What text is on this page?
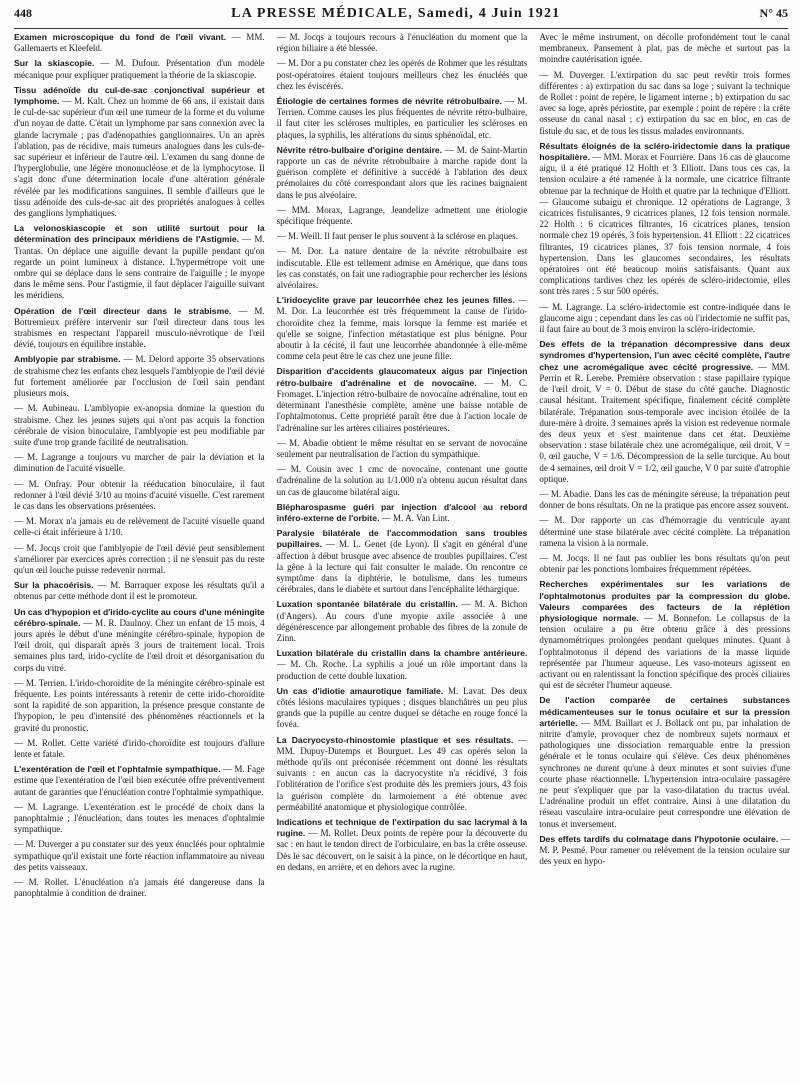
448	LA PRESSE MÉDICALE, Samedi, 4 Juin 1921	N° 45

Examen microscopique du fond de l'œil vivant. — MM. Gallemaerts et Kleefeld.

Sur la skiascopie. — M. Dufour. Présentation d'un modèle mécanique pour expliquer pratiquement la théorie de la skiascopie.

Tissu adénoïde du cul-de-sac conjonctival supérieur et lymphome. — M. Kalt. Chez un homme de 66 ans, il existait dans le cul-de-sac supérieur d'un œil une tumeur de la forme et du volume d'un noyau de datte. C'était un lymphome par sans connexion avec la glande lacrymale ; pas d'adénopathies ganglionnaires. Un an après l'ablation, pas de récidive, mais tumeurs analogues dans les culs-de-sac supérieur et inférieur de l'autre œil. L'examen du sang donne de l'hyperglobulie, une légère mononucléose et de la lymphocytose. Il s'agit donc d'une détermination locale d'une altération générale révélée par les modifications sanguines. Il semble d'ailleurs que le tissu adénoïde des culs-de-sac ait des propriétés analogues à celles des ganglions lymphatiques.

La velonoskiascopie et son utilité surtout pour la détermination des principaux méridiens de l'Astigmie. — M. Trantas. On déplace une aiguille devant la pupille pendant qu'on regarde un point lumineux à distance. L'hypermétrope voit une ombre qui se déplace dans le sens contraire de l'aiguille ; le myope dans le même sens. Pour l'astigmie, il faut déplacer l'aiguille suivant les méridiens.

Opération de l'œil directeur dans le strabisme. — M. Bottremieux préfère intervenir sur l'œil directeur dans tous les strabismes en respectant l'appareil musculo-névrotique de l'œil dévié, toujours en équilibre instable.

Amblyopie par strabisme. — M. Delord apporte 35 observations de strabisme chez les enfants chez lesquels l'amblyopie de l'œil dévié fut fortement améliorée par l'occlusion de l'œil sain pendant plusieurs mois.

— M. Aubineau. L'amblyopie ex-anopsia domine la question du strabisme. Chez les jeunes sujets qui n'ont pas acquis la fonction cérébrale de vision binoculaire, l'amblyopie est peu modifiable par suite d'une trop grande facilité de neutralisation.

— M. Lagrange a toujours vu marcher de pair la déviation et la diminution de l'acuité visuelle.

— M. Onfray. Pour obtenir la rééducation binoculaire, il faut redonner à l'œil dévié 3/10 au moins d'acuité visuelle. C'est rarement le cas dans les observations présentées.

— M. Morax n'a jamais eu de relèvement de l'acuité visuelle quand celle-ci était inférieure à 1/10.

— M. Jocqs croit que l'amblyopie de l'œil dévié peut sensiblement s'améliorer par exercices après correction ; il ne s'ensuit pas du reste qu'un œil louche puisse redevenir normal.

Sur la phacoérisis. — M. Barraquer expose les résultats qu'il a obtenus par cette méthode dont il est le promoteur.

Un cas d'hypopion et d'irido-cyclite au cours d'une méningite cérébro-spinale. — M. R. Daulnoy. Chez un enfant de 15 mois, 4 jours après le début d'une méningite cérébro-spinale, hypopion de l'œil droit, qui disparaît après 3 jours de traitement local. Trois semaines plus tard, irido-cyclite de l'œil droit et désorganisation du corps du vitré.

— M. Terrien. L'irido-choroïdite de la méningite cérébro-spinale est fréquente. Les points intéressants à retenir de cette irido-choroïdite sont la rapidité de son apparition, la présence presque constante de l'hypopion, le peu d'intensité des phénomènes réactionnels et la gravité du pronostic.

— M. Rollet. Cette variété d'irido-choroïdite est toujours d'allure lente et fatale.

L'exentération de l'œil et l'ophtalmie sympathique. — M. Fage estime que l'exentération de l'œil bien exécutée offre préventivement autant de garanties que l'énucléation contre l'ophtalmie sympathique.

— M. Lagrange. L'exentération est le procédé de choix dans la panophtalmie ; l'énucléation, dans toutes les menaces d'ophtalmie sympathique.

— M. Duverger a pu constater sur des yeux énucléés pour ophtalmie sympathique qu'il existait une forte réaction inflammatoire au niveau des petits vaisseaux.

— M. Rollet. L'énucléation n'a jamais été dangereuse dans la panophtalmie à condition de drainer.

— M. Jocqs a toujours recours à l'énucléation du moment que la région biliaire a été blessée.

— M. Dor a pu constater chez les opérés de Rohmer que les résultats post-opératoires étaient toujours meilleurs chez les énucléés que chez les éviscérés.

Étiologie de certaines formes de névrite rétrobulbaire. — M. Terrien. Comme causes les plus fréquentes de névrite rétro-bulbaire, il faut citer les scléroses multiples, en particulier les scléroses en plaques, la syphilis, les altérations du sinus sphénoïdal, etc.

Névrite rétro-bulbaire d'origine dentaire. — M. de Saint-Martin rapporte un cas de névrite rétrobulbaire à marche rapide dont la guérison complète et définitive a succédé à l'ablation des deux prémolaires du côté correspondant alors que les racines baignaient dans le pus alvéolaire.

— MM. Morax, Lagrange, Jeandelize admettent une étiologie spécifique fréquente.

— M. Weill. Il faut penser le plus souvent à la sclérose en plaques.

— M. Dor. La nature dentaire de la névrite rétrobulbaire est indiscutable. Elle est tellement admise en Amérique, que dans tous les cas constatés, on fait une radiographie pour rechercher les lésions alvéolaires.

L'iridocyclite grave par leucorrhée chez les jeunes filles. — M. Dor. La leucorrhée est très fréquemment la cause de l'irido-choroïdite chez la femme, mais lorsque la femme est mariée et qu'elle se soigne, l'infection métastatique est plus bénigne. Pour aboutir à la cécité, il faut une leucorrhée abandonnée à elle-même comme cela peut être le cas chez une jeune fille.

Disparition d'accidents glaucomateux aigus par l'injection rétro-bulbaire d'adrénaline et de novocaïne. — M. C. Fromaget. L'injection rétro-bulbaire de novocaïne adrénaline, tout en déterminant l'anesthésie complète, amène une baisse notable de l'ophtalmotonus. Cette propriété paraît être due à l'action locale de l'adrénaline sur les artères ciliaires postérieures.

— M. Abadie obtient le même résultat en se servant de novocaïne seulement par neutralisation de l'action du sympathique.

— M. Cousin avec 1 cmc de novocaïne, contenant une goutte d'adrénaline de la solution au 1/1.000 n'a obtenu aucun résultat dans un cas de glaucome bilatéral aigu.

Blépharospasme guéri par injection d'alcool au rebord inféro-externe de l'orbite. — M. A. Van Lint.

Paralysie bilatérale de l'accommodation sans troubles pupillaires. — M. L. Genet (de Lyon). Il s'agit en général d'une affection à début brusque avec absence de troubles pupillaires. C'est la gêne à la lecture qui fait consulter le malade. On rencontre ce symptôme dans la diphtérie, le botulisme, dans les tumeurs cérébrales, dans le diabète et surtout dans l'encéphalite léthargique.

Luxation spontanée bilatérale du cristallin. — M. A. Bichon (d'Angers). Au cours d'une myopie axile associée à une dégénérescence par allongement probable des fibres de la zonule de Zinn.

Luxation bilatérale du cristallin dans la chambre antérieure. — M. Ch. Roche. La syphilis a joué un rôle important dans la production de cette double luxation.

Un cas d'idiotie amaurotique familiale. M. Lavat. Des deux côtés lésions maculaires typiques ; disques blanchâtres un peu plus grands que la pupille au centre duquel se détache en rouge foncé la fovéa.

La Dacryocysto-rhinostomie plastique et ses résultats. — MM. Dupuy-Dutemps et Bourguet. Les 49 cas opérés selon la méthode qu'ils ont préconisée récemment ont donné les résultats suivants : en aucun cas la dacryocystite n'a récidivé, 3 fois l'oblitération de l'orifice s'est produite dès les premiers jours, 43 fois la guérison complète du larmoiement a été obtenue avec perméabilité anatomique et physiologique contrôlée.

Indications et technique de l'extirpation du sac lacrymal à la rugine. — M. Rollet. Deux points de repère pour la découverte du sac : en haut le tendon direct de l'orbiculaire, en bas la crête osseuse. Dès le sac découvert, on le saisit à la pince, on le décortique en haut, en dedans, en arrière, et en dehors avec la rugine.

Avec le même instrument, on décolle profondément tout le canal membraneux. Pansement à plat, pas de mèche et surtout pas la moindre cautérisation ignée.

— M. Duverger. L'extirpation du sac peut revêtir trois formes différentes : a) extirpation du sac dans sa loge ; suivant la technique de Rollet : point de repère, le ligament interne ; b) extirpation du sac avec sa loge, après périostite, par exemple : point de repère : la crête osseuse du canal nasal ; c) extirpation du sac en bloc, en cas de fistule du sac, et de tous les tissus malades environnants.

Résultats éloignés de la scléro-iridectomie dans la pratique hospitalière. — MM. Morax et Fourrière. Dans 16 cas de glaucome aigu, il a été pratiqué 12 Holth et 3 Elliott. Dans tous ces cas, la tension oculaire a été ramenée à la normale, une cicatrice filtrante obtenue par la technique de Holth et quatre par la technique d'Elliott. — Glaucome subaigu et chronique. 12 opérations de Lagrange, 3 cicatrices fistulisantes, 9 cicatrices planes, 12 fois tension normale. 22 Holth : 6 cicatrices filtrantes, 16 cicatrices planes, tension normale chez 19 opérés, 3 fois hypertension. 41 Elliott : 22 cicatrices filtrantes, 19 cicatrices planes, 37 fois tension normale, 4 fois hypertension. Dans les glaucomes secondaires, les résultats opératoires ont été beaucoup moins satisfaisants. Quant aux complications tardives chez les opérés de scléro-iridectomie, elles sont très rares : 5 sur 500 opérés.

— M. Lagrange. La scléro-iridectomie est contre-indiquée dans le glaucome aigu ; cependant dans les cas où l'iridectomie ne suffit pas, il faut faire au bout de 3 mois environ la scléro-iridectomie.

Des effets de la trépanation décompressive dans deux syndromes d'hypertension, l'un avec cécité complète, l'autre chez une acromégalique avec cécité progressive. — MM. Perrin et R. Lerebe. Première observation : stase papillaire typique de l'œil droit, V = 0. Début de stase du côté gauche. Diagnostic causal hésitant. Traitement spécifique, finalement cécité complète bilatérale. Trépanation sous-temporale avec incision étoilée de la dure-mère à droite. 3 semaines après la vision est redevenue normale des deux yeux et s'est maintenue dans cet état. Deuxième observation : stase bilatérale chez une acromégalique, œil droit, V = 0, œil gauche, V = 1/6. Décompression de la selle turcique. Au bout de 4 semaines, œil droit V = 1/2, œil gauche, V 0 par suite d'atrophie optique.

— M. Abadie. Dans les cas de méningite séreuse, la trépanation peut donner de bons résultats. On ne la pratique pas encore assez souvent.

— M. Dor rapporte un cas d'hémorragie du ventricule ayant déterminé une stase bilatérale avec cécité complète. La trépanation ramena la vision à la normale.

— M. Jocqs. Il ne faut pas oublier les bons résultats qu'on peut obtenir par les ponctions lombaires fréquemment répétées.

Recherches expérimentales sur les variations de l'ophtalmotonus produites par la compression du globe. Valeurs comparées des facteurs de la réplétion physiologique normale. — M. Bonnefon. Le collapsus de la tension oculaire a pu être obtenu grâce à des pressions dynamométriques prolongées pendant quelques minutes. Quant à l'ophtalmotonus il dépend des variations de la masse liquide représentée par l'humeur aqueuse. Les vaso-moteurs agissent en activant ou en ralentissant la fonction spécifique des procès ciliaires qui est de sécréter l'humeur aqueuse.

De l'action comparée de certaines substances médicamenteuses sur le tonus oculaire et sur la pression artérielle. — MM. Baillart et J. Bollack ont pu, par inhalation de nitrite d'amyle, provoquer chez de nombreux sujets normaux et pathologiques une dissociation remarquable entre la pression générale et le tonus oculaire qui s'élève. Ces deux phénomènes synchrones ne durent qu'une à deux minutes et sont suivies d'une courte phase réactionnelle. L'hypertension intra-oculaire passagère ne peut s'expliquer que par la vaso-dilatation du tractus uvéal. L'adrénaline produit un effet contraire. Ainsi à une dilatation du réseau vasculaire intra-oculaire peut correspondre une élévation de tonus et inversement.

Des effets tardifs du colmatage dans l'hypotonie oculaire. — M. P. Pesmé. Pour ramener ou relèvement de la tension oculaire sur des yeux en hypo-
